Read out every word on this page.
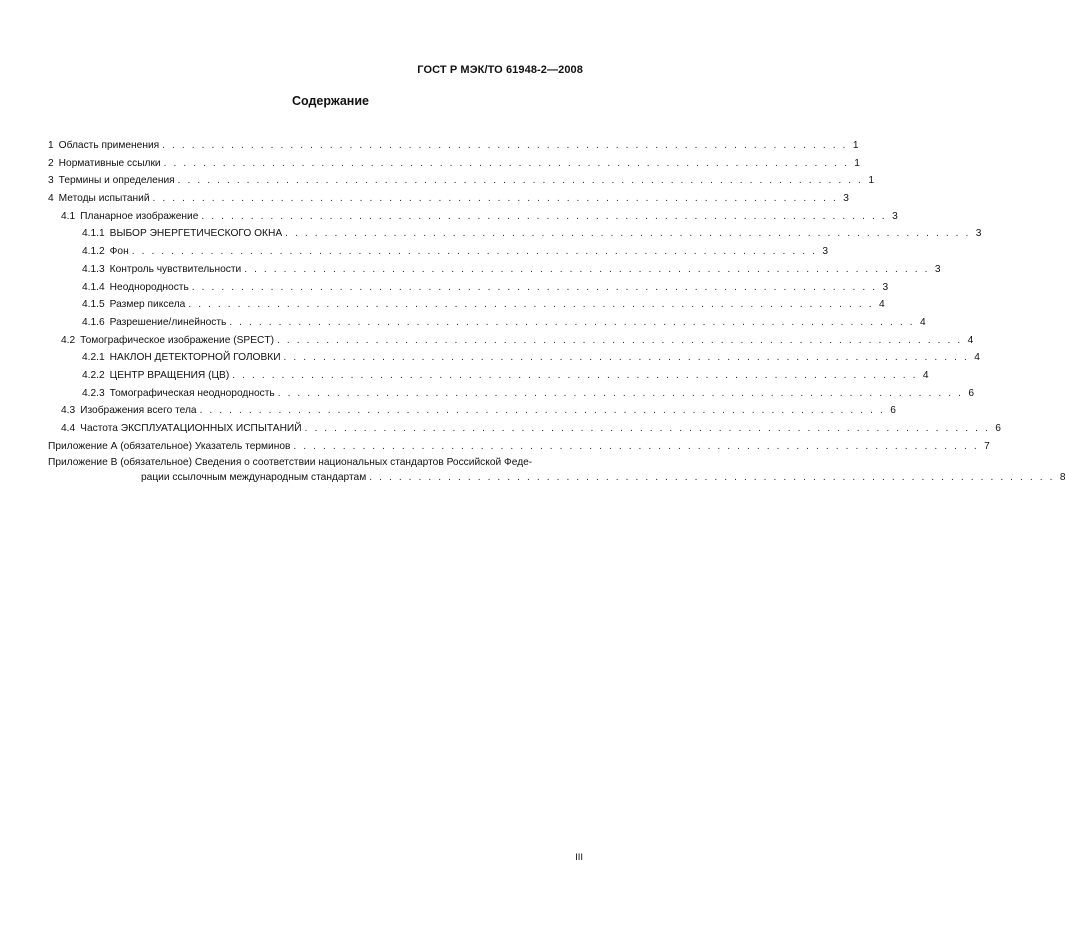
ГОСТ Р МЭК/ТО 61948-2—2008
Содержание
1 Область применения . . . . . . . . . . . . . . . . . . . . . . . . . . . . . . . . . . . . . . . . . . . . . . . . . . . . . . . . . . . . . . . . . . . . . . 1
2 Нормативные ссылки . . . . . . . . . . . . . . . . . . . . . . . . . . . . . . . . . . . . . . . . . . . . . . . . . . . . . . . . . . . . . . . . . . . . . . 1
3 Термины и определения . . . . . . . . . . . . . . . . . . . . . . . . . . . . . . . . . . . . . . . . . . . . . . . . . . . . . . . . . . . . . . . . . . . . . . 1
4 Методы испытаний . . . . . . . . . . . . . . . . . . . . . . . . . . . . . . . . . . . . . . . . . . . . . . . . . . . . . . . . . . . . . . . . . . . . . . 3
4.1 Планарное изображение . . . . . . . . . . . . . . . . . . . . . . . . . . . . . . . . . . . . . . . . . . . . . . . . . . . . . . . . . . . . . . . . . . . . . . 3
4.1.1 ВЫБОР ЭНЕРГЕТИЧЕСКОГО ОКНА . . . . . . . . . . . . . . . . . . . . . . . . . . . . . . . . . . . . . . . . . . . . . . . . . . . . . . . . . . . . . . . . . . . . . . 3
4.1.2 Фон . . . . . . . . . . . . . . . . . . . . . . . . . . . . . . . . . . . . . . . . . . . . . . . . . . . . . . . . . . . . . . . . . . . . . . 3
4.1.3 Контроль чувствительности . . . . . . . . . . . . . . . . . . . . . . . . . . . . . . . . . . . . . . . . . . . . . . . . . . . . . . . . . . . . . . . . . . . . . . 3
4.1.4 Неоднородность . . . . . . . . . . . . . . . . . . . . . . . . . . . . . . . . . . . . . . . . . . . . . . . . . . . . . . . . . . . . . . . . . . . . . . 3
4.1.5 Размер пиксела . . . . . . . . . . . . . . . . . . . . . . . . . . . . . . . . . . . . . . . . . . . . . . . . . . . . . . . . . . . . . . . . . . . . . . 4
4.1.6 Разрешение/линейность . . . . . . . . . . . . . . . . . . . . . . . . . . . . . . . . . . . . . . . . . . . . . . . . . . . . . . . . . . . . . . . . . . . . . . 4
4.2 Томографическое изображение (SPECT) . . . . . . . . . . . . . . . . . . . . . . . . . . . . . . . . . . . . . . . . . . . . . . . . . . . . . . . . . . . . . . . . . . . . . . 4
4.2.1 НАКЛОН ДЕТЕКТОРНОЙ ГОЛОВКИ . . . . . . . . . . . . . . . . . . . . . . . . . . . . . . . . . . . . . . . . . . . . . . . . . . . . . . . . . . . . . . . . . . . . . . 4
4.2.2 ЦЕНТР ВРАЩЕНИЯ (ЦВ) . . . . . . . . . . . . . . . . . . . . . . . . . . . . . . . . . . . . . . . . . . . . . . . . . . . . . . . . . . . . . . . . . . . . . . 4
4.2.3 Томографическая неоднородность . . . . . . . . . . . . . . . . . . . . . . . . . . . . . . . . . . . . . . . . . . . . . . . . . . . . . . . . . . . . . . . . . . . . . . 6
4.3 Изображения всего тела . . . . . . . . . . . . . . . . . . . . . . . . . . . . . . . . . . . . . . . . . . . . . . . . . . . . . . . . . . . . . . . . . . . . . . 6
4.4 Частота ЭКСПЛУАТАЦИОННЫХ ИСПЫТАНИЙ . . . . . . . . . . . . . . . . . . . . . . . . . . . . . . . . . . . . . . . . . . . . . . . . . . . . . . . . . . . . . . . . . . . . . . 6
Приложение А (обязательное) Указатель терминов . . . . . . . . . . . . . . . . . . . . . . . . . . . . . . . . . . . . . . . . . . . . . . . . . . . . . . . . . . . . . . . . . . . . . . 7
Приложение В (обязательное) Сведения о соответствии национальных стандартов Российской Феде-
рации ссылочным международным стандартам . . . . . . . . . . . . . . . . . . . . . . . . . . . . . . . . . . . . . . . . . . . . . . . . . . . . . . . . . . . . . . . . . . . . . . 8
III
